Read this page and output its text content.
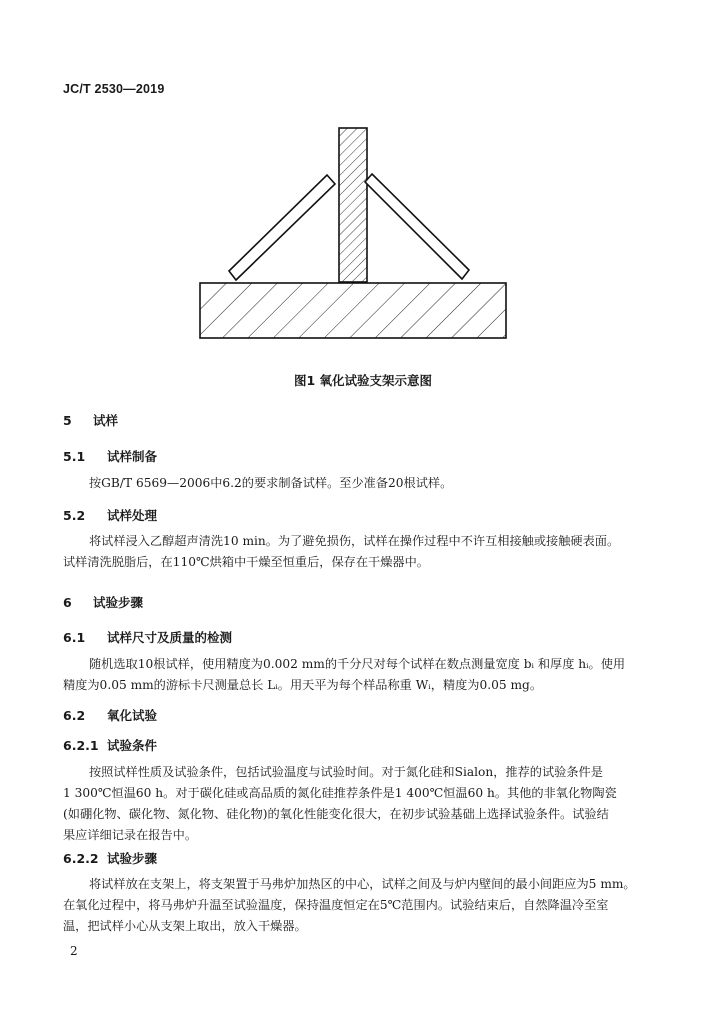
JC/T 2530—2019
图1 氧化试验支架示意图
5 试样
5.1 试样制备
按GB/T 6569—2006中6.2的要求制备试样。至少准备20根试样。
5.2 试样处理
将试样浸入乙醇超声清洗10 min。为了避免损伤，试样在操作过程中不许互相接触或接触硬表面。
试样清洗脱脂后，在110℃烘箱中干燥至恒重后，保存在干燥器中。
6 试验步骤
6.1 试样尺寸及质量的检测
随机选取10根试样，使用精度为0.002 mm的千分尺对每个试样在数点测量宽度 bᵢ 和厚度 hᵢ。使用
精度为0.05 mm的游标卡尺测量总长 Lᵢ。用天平为每个样品称重 Wᵢ，精度为0.05 mg。
6.2 氧化试验
6.2.1 试验条件
按照试样性质及试验条件，包括试验温度与试验时间。对于氮化硅和Sialon，推荐的试验条件是
1 300℃恒温60 h。对于碳化硅或高品质的氮化硅推荐条件是1 400℃恒温60 h。其他的非氧化物陶瓷
(如硼化物、碳化物、氮化物、硅化物)的氧化性能变化很大，在初步试验基础上选择试验条件。试验结
果应详细记录在报告中。
6.2.2 试验步骤
将试样放在支架上，将支架置于马弗炉加热区的中心，试样之间及与炉内壁间的最小间距应为5 mm。
在氧化过程中，将马弗炉升温至试验温度，保持温度恒定在5℃范围内。试验结束后，自然降温冷至室
温，把试样小心从支架上取出，放入干燥器。
2
